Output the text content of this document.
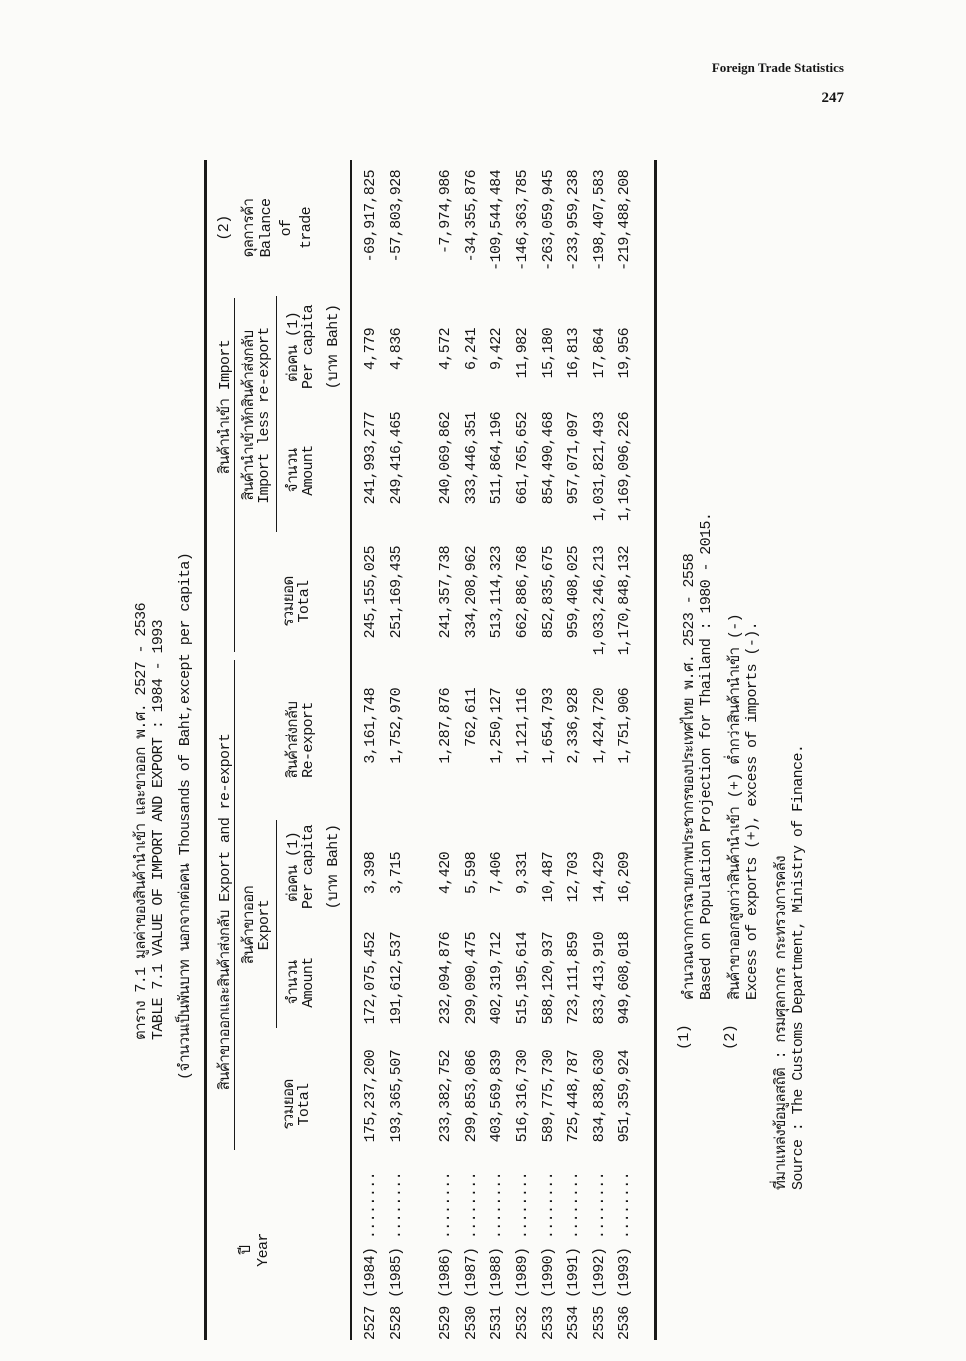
Foreign Trade Statistics
247
ตาราง 7.1 มูลค่าของสินค้านำเข้า และขาออก พ.ศ. 2527 - 2536 TABLE 7.1 VALUE OF IMPORT AND EXPORT : 1984 - 1993 (จำนวนเป็นพันบาท นอกจากต่อคน Thousands of Baht,except per capita)
ปี Year
สินค้าขาออกและสินค้าส่งกลับ Export and re-export
สินค้านำเข้า Import
รวมยอด
Total
สินค้าขาออก
Export
จำนวน
Amount
ต่อคน (1)
Per capita (บาท Baht)
สินค้าส่งกลับ
Re-export
รวมยอด
Total
สินค้านำเข้าหักสินค้าส่งกลับ
Import less re-export จำนวน
Amount
ต่อคน (1)
Per capita (บาท Baht)
(2) ดุลการค้า Balance of trade
2527 (1984) ........
175,237,200
172,075,452
3,398
3,161,748
245,155,025
241,993,277
4,779
-69,917,825
2528 (1985) ........
193,365,507
191,612,537
3,715
1,752,970
251,169,435
249,416,465
4,836
-57,803,928
2529 (1986) ........
233,382,752
232,094,876
4,420
1,287,876
241,357,738
240,069,862
4,572
-7,974,986
2530 (1987) ........
299,853,086
299,090,475
5,598
762,611
334,208,962
333,446,351
6,241
-34,355,876
2531 (1988) ........
403,569,839
402,319,712
7,406
1,250,127
513,114,323
511,864,196
9,422
-109,544,484
2532 (1989) ........
516,316,730
515,195,614
9,331
1,121,116
662,886,768
661,765,652
11,982
-146,363,785
2533 (1990) ........
589,775,730
588,120,937
10,487
1,654,793
852,835,675
854,490,468
15,180
-263,059,945
2534 (1991) ........
725,448,787
723,111,859
12,703
2,336,928
959,408,025
957,071,097
16,813
-233,959,238
2535 (1992) ........
834,838,630
833,413,910
14,429
1,424,720
1,033,246,213
1,031,821,493
17,864
-198,407,583
2536 (1993) ........
951,359,924
949,608,018
16,209
1,751,906
1,170,848,132
1,169,096,226
19,956
-219,488,208
(1)
คำนวณจากการฉายภาพประชากรของประเทศไทย พ.ศ. 2523 - 2558 Based on Population Projection for Thailand : 1980 - 2015.
(2)
สินค้าขาออกสูงกว่าสินค้านำเข้า (+) ต่ำกว่าสินค้านำเข้า (-) Excess of exports (+), excess of imports (-).
ที่มาแหล่งข้อมูลสถิติ : กรมศุลกากร กระทรวงการคลัง Source : The Customs Department, Ministry of Finance.
